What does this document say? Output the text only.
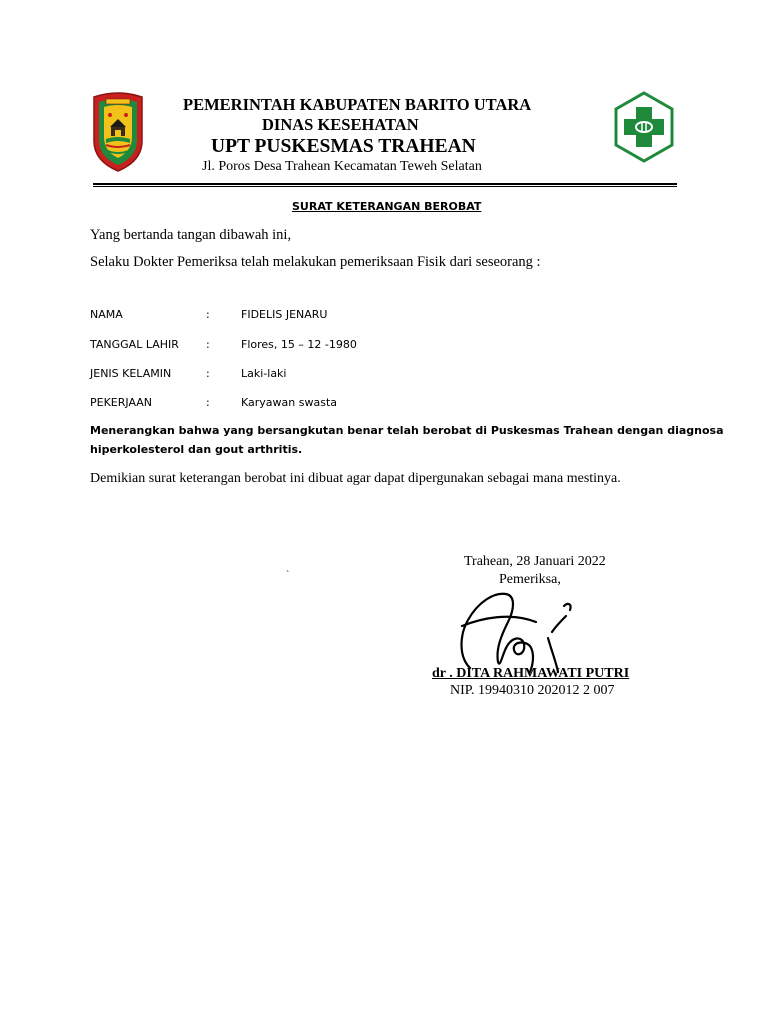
PEMERINTAH KABUPATEN BARITO UTARA
DINAS KESEHATAN
UPT PUSKESMAS TRAHEAN
Jl. Poros Desa Trahean Kecamatan Teweh Selatan
SURAT KETERANGAN BEROBAT
Yang bertanda tangan dibawah ini,
Selaku Dokter Pemeriksa telah melakukan pemeriksaan Fisik dari seseorang :
NAMA	:	FIDELIS JENARU
TANGGAL LAHIR :	Flores, 15 – 12 -1980
JENIS KELAMIN	:	Laki-laki
PEKERJAAN	:	Karyawan swasta
Menerangkan bahwa yang bersangkutan benar telah berobat di Puskesmas Trahean dengan diagnosa
hiperkolesterol dan gout arthritis.
Demikian surat keterangan berobat ini dibuat agar dapat dipergunakan sebagai mana mestinya.
Trahean, 28 Januari 2022
`	Pemeriksa,
dr . DITA RAHMAWATI PUTRI
NIP. 19940310 202012 2 007
